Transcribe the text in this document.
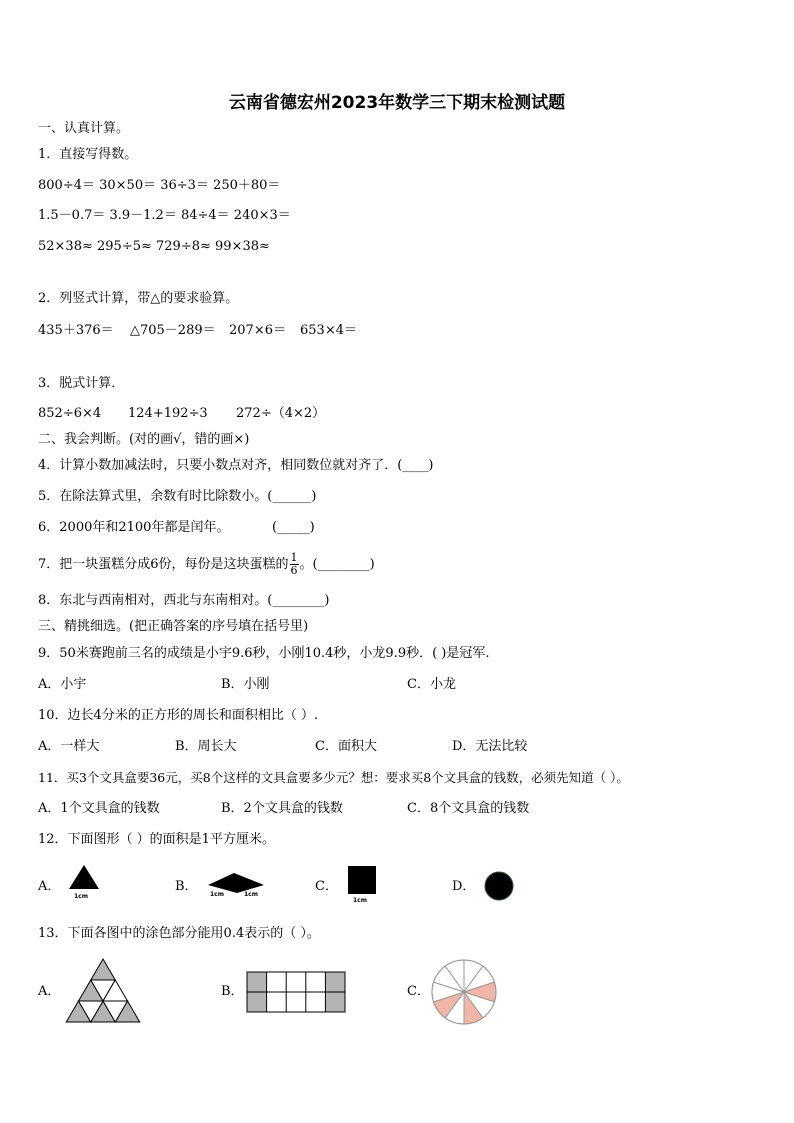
云南省德宏州2023年数学三下期末检测试题
一、认真计算。
1．直接写得数。
800÷4＝ 30×50＝ 36÷3＝ 250＋80＝
1.5－0.7＝ 3.9－1.2＝ 84÷4＝ 240×3＝
52×38≈ 295÷5≈ 729÷8≈ 99×38≈
2．列竖式计算，带△的要求验算。
435＋376＝ △705－289＝ 207×6＝ 653×4＝
3．脱式计算．
852÷6×4 124+192÷3 272÷（4×2）
二、我会判断。(对的画√，错的画×)
4．计算小数加减法时，只要小数点对齐，相同数位就对齐了．(____)
5．在除法算式里，余数有时比除数小。(______)
6．2000年和2100年都是闰年。	(_____)
7．把一块蛋糕分成6份，每份是这块蛋糕的 $\frac{1}{6}$ 。(________)
8．东北与西南相对，西北与东南相对。(________)
三、精挑细选。(把正确答案的序号填在括号里)
9．50米赛跑前三名的成绩是小宇9.6秒，小刚10.4秒，小龙9.9秒．( )是冠军.
A．小宇	B．小刚	C．小龙
10．边长4分米的正方形的周长和面积相比（ ）.
A．一样大	B．周长大	C．面积大	D．无法比较
11．买3个文具盒要36元，买8个这样的文具盒要多少元？想：要求买8个文具盒的钱数，必须先知道（ ）。
A．1个文具盒的钱数	B．2个文具盒的钱数	C．8个文具盒的钱数
12．下面图形（ ）的面积是1平方厘米。
A．
1cm
B．
1cm	1cm
C．
1cm
D．
13．下面各图中的涂色部分能用0.4表示的（ ）。
A．	B．	C．
